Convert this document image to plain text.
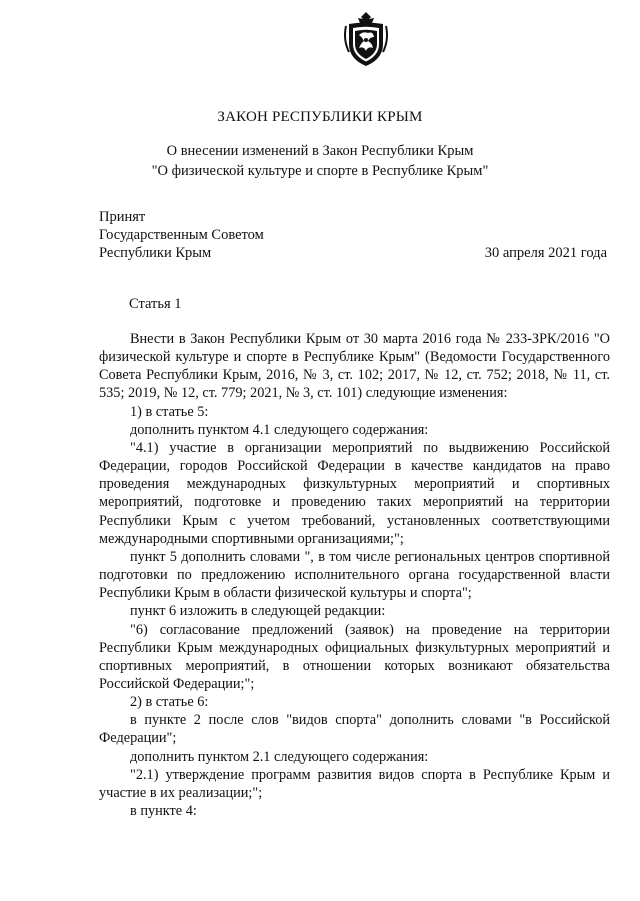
ЗАКОН РЕСПУБЛИКИ КРЫМ
О внесении изменений в Закон Республики Крым
"О физической культуре и спорте в Республике Крым"
Принят
Государственным Советом
Республики Крым	30 апреля 2021 года
Статья 1

Внести в Закон Республики Крым от 30 марта 2016 года № 233-ЗРК/2016 "О физической культуре и спорте в Республике Крым" (Ведомости Государственного Совета Республики Крым, 2016, № 3, ст. 102; 2017, № 12, ст. 752; 2018, № 11, ст. 535; 2019, № 12, ст. 779; 2021, № 3, ст. 101) следующие изменения:

1) в статье 5:

дополнить пунктом 4.1 следующего содержания:

"4.1) участие в организации мероприятий по выдвижению Российской Федерации, городов Российской Федерации в качестве кандидатов на право проведения международных физкультурных мероприятий и спортивных мероприятий, подготовке и проведению таких мероприятий на территории Республики Крым с учетом требований, установленных соответствующими международными спортивными организациями;";

пункт 5 дополнить словами ", в том числе региональных центров спортивной подготовки по предложению исполнительного органа государственной власти Республики Крым в области физической культуры и спорта";

пункт 6 изложить в следующей редакции:

"6) согласование предложений (заявок) на проведение на территории Республики Крым международных официальных физкультурных мероприятий и спортивных мероприятий, в отношении которых возникают обязательства Российской Федерации;";

2) в статье 6:

в пункте 2 после слов "видов спорта" дополнить словами "в Российской Федерации";

дополнить пунктом 2.1 следующего содержания:

"2.1) утверждение программ развития видов спорта в Республике Крым и участие в их реализации;";

в пункте 4:
